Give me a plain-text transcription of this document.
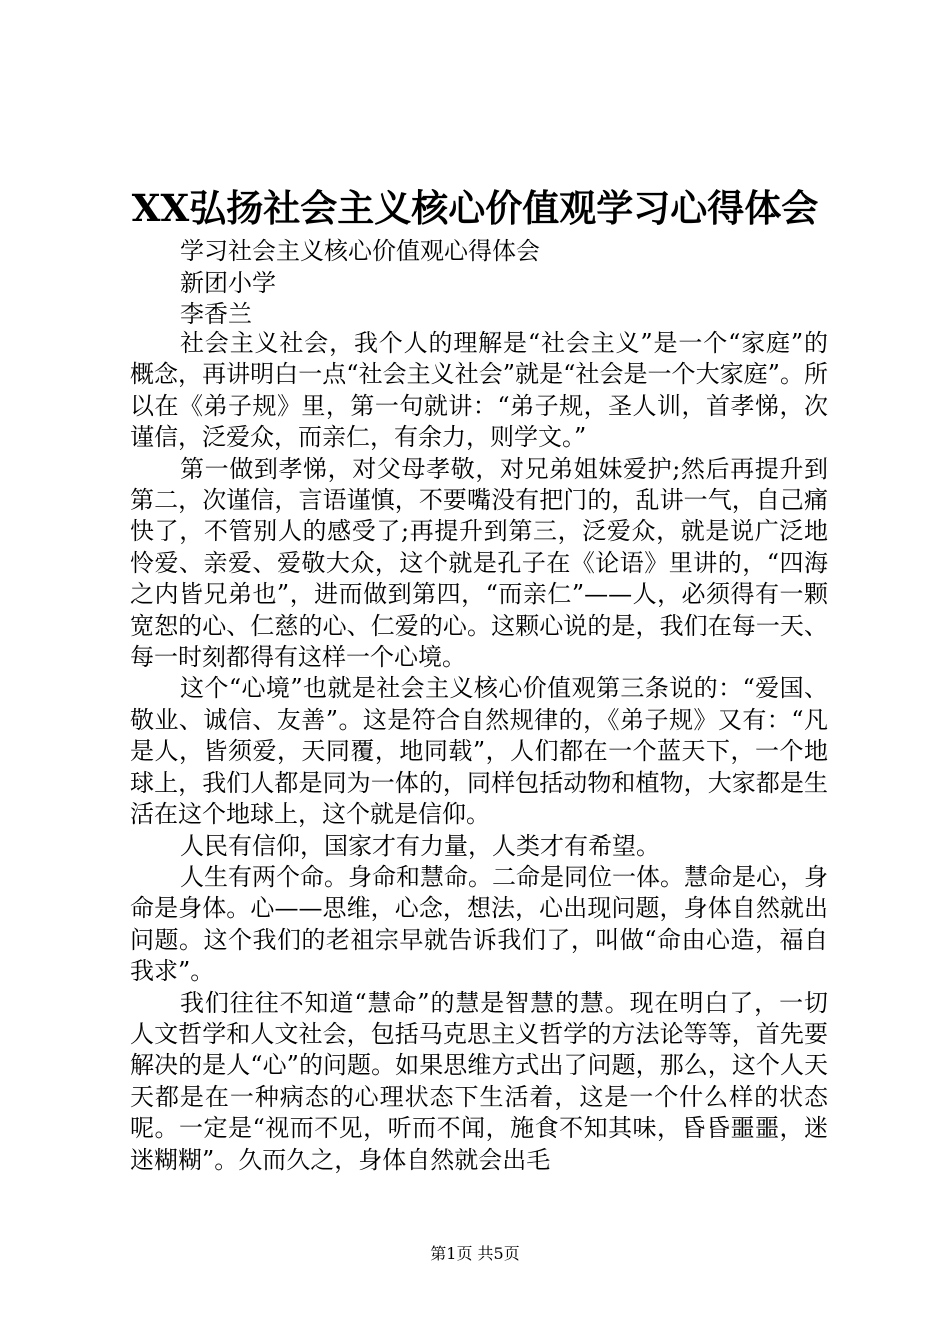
XX弘扬社会主义核心价值观学习心得体会
学习社会主义核心价值观心得体会
新团小学
李香兰

社会主义社会，我个人的理解是“社会主义”是一个“家庭”的概念，再讲明白一点“社会主义社会”就是“社会是一个大家庭”。所以在《弟子规》里，第一句就讲：“弟子规，圣人训，首孝悌，次谨信，泛爱众，而亲仁，有余力，则学文。”

第一做到孝悌，对父母孝敬，对兄弟姐妹爱护;然后再提升到第二，次谨信，言语谨慎，不要嘴没有把门的，乱讲一气，自己痛快了，不管别人的感受了;再提升到第三，泛爱众，就是说广泛地怜爱、亲爱、爱敬大众，这个就是孔子在《论语》里讲的，“四海之内皆兄弟也”，进而做到第四，“而亲仁”——人，必须得有一颗宽恕的心、仁慈的心、仁爱的心。这颗心说的是，我们在每一天、每一时刻都得有这样一个心境。

这个“心境”也就是社会主义核心价值观第三条说的：“爱国、敬业、诚信、友善”。这是符合自然规律的，《弟子规》又有：“凡是人，皆须爱，天同覆，地同载”，人们都在一个蓝天下，一个地球上，我们人都是同为一体的，同样包括动物和植物，大家都是生活在这个地球上，这个就是信仰。

人民有信仰，国家才有力量，人类才有希望。

人生有两个命。身命和慧命。二命是同位一体。慧命是心，身命是身体。心——思维，心念，想法，心出现问题，身体自然就出问题。这个我们的老祖宗早就告诉我们了，叫做“命由心造，福自我求”。

我们往往不知道“慧命”的慧是智慧的慧。现在明白了，一切人文哲学和人文社会，包括马克思主义哲学的方法论等等，首先要解决的是人“心”的问题。如果思维方式出了问题，那么，这个人天天都是在一种病态的心理状态下生活着，这是一个什么样的状态呢。一定是“视而不见，听而不闻，施食不知其味，昏昏噩噩，迷迷糊糊”。久而久之，身体自然就会出毛

第1页 共5页
